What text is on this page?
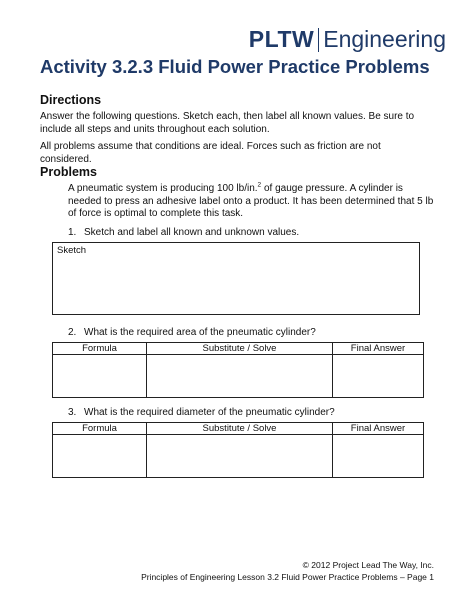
PLTW Engineering
Activity 3.2.3 Fluid Power Practice Problems
Directions

Answer the following questions. Sketch each, then label all known values. Be sure to include all steps and units throughout each solution.

All problems assume that conditions are ideal. Forces such as friction are not considered.

Problems

A pneumatic system is producing 100 lb/in.$^2$ of gauge pressure. A cylinder is needed to press an adhesive label onto a product. It has been determined that 5 lb of force is optimal to complete this task.

1. Sketch and label all known and unknown values.

Sketch

2. What is the required area of the pneumatic cylinder?

Formula	Substitute / Solve	Final Answer

3. What is the required diameter of the pneumatic cylinder?

Formula	Substitute / Solve	Final Answer

© 2012 Project Lead The Way, Inc.
Principles of Engineering Lesson 3.2 Fluid Power Practice Problems – Page 1
